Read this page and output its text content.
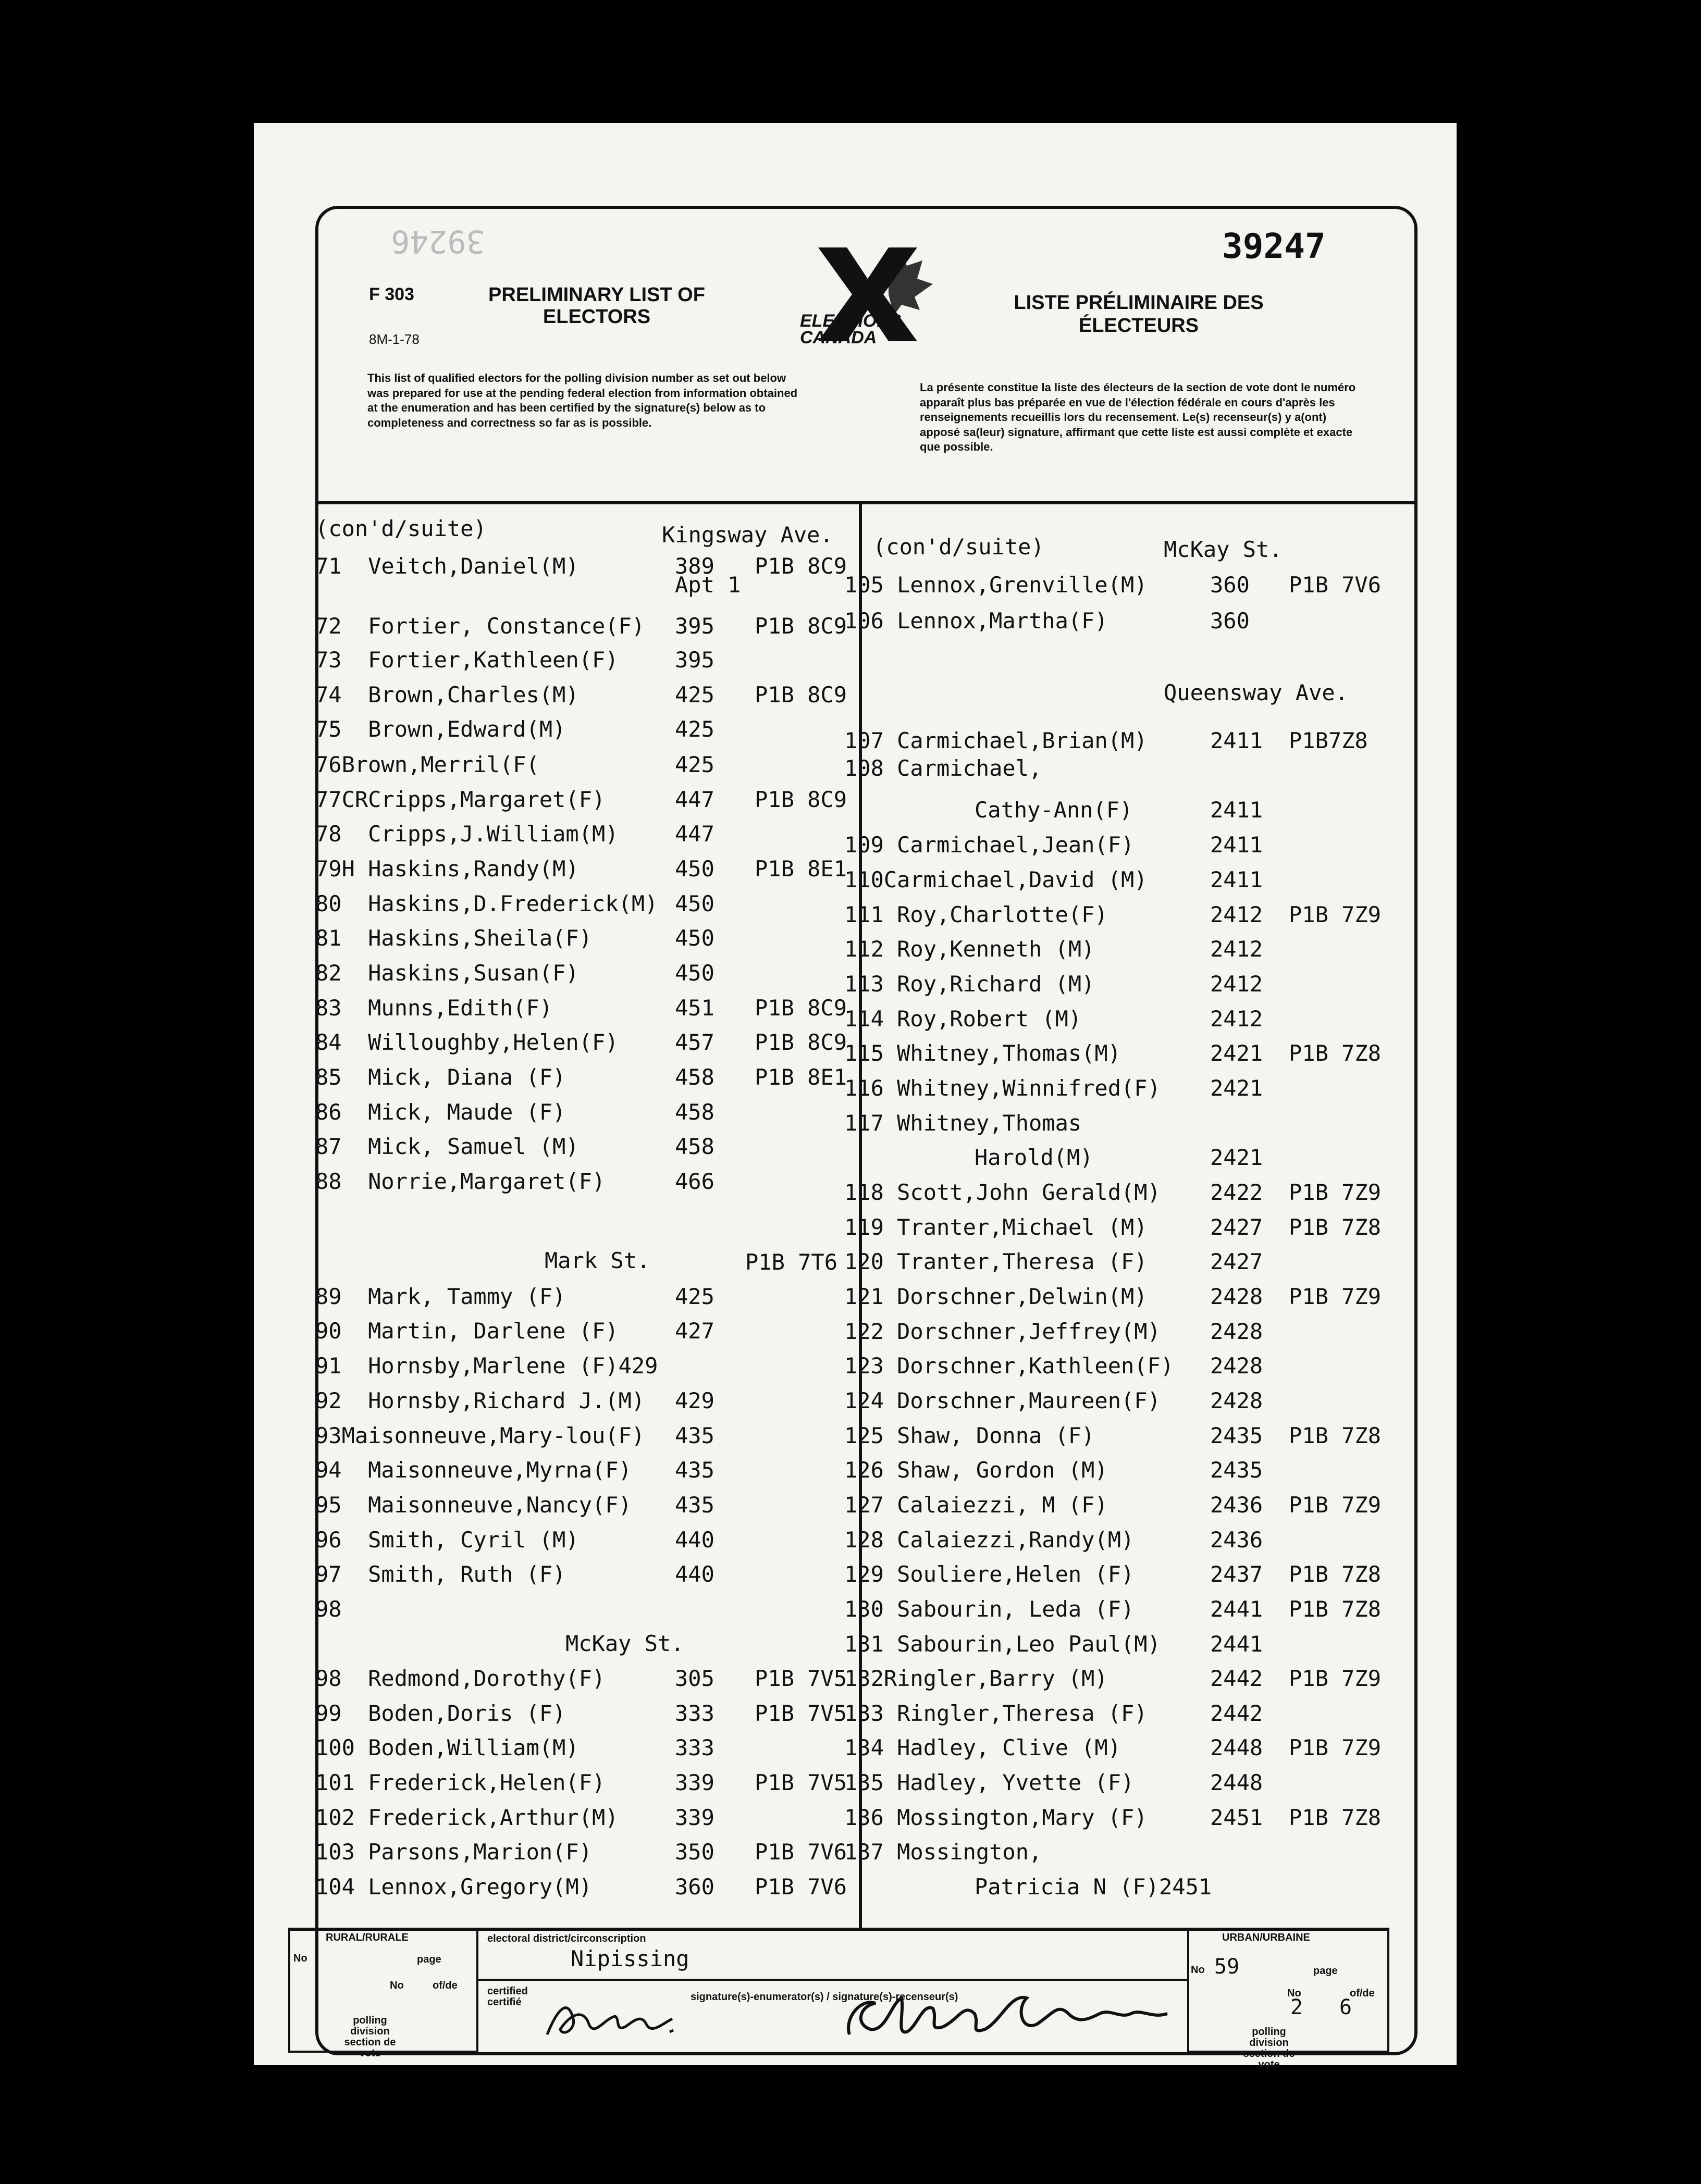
F 303
8M-1-78
PRELIMINARY LIST OF ELECTORS
LISTE PRÉLIMINAIRE DES ÉLECTEURS
39247
39246
ELECTIONS CANADA
This list of qualified electors for the polling division number as set out below was prepared for use at the pending federal election from information obtained at the enumeration and has been certified by the signature(s) below as to completeness and correctness so far as is possible.
La présente constitue la liste des électeurs de la section de vote dont le numéro apparaît plus bas préparée en vue de l'élection fédérale en cours d'après les renseignements recueillis lors du recensement. Le(s) recenseur(s) y a(ont) apposé sa(leur) signature, affirmant que cette liste est aussi complète et exacte que possible.
(con'd/suite)	Kingsway Ave.
Mark St.	P1B 7T6
McKay St.
71  Veitch,Daniel(M)	389 P1B 8C9
Apt 1
72  Fortier, Constance(F) 395 P1B 8C9
73  Fortier,Kathleen(F)	395
74  Brown,Charles(M)	425 P1B 8C9
75  Brown,Edward(M)	425
76Brown,Merril(F(	425
77CRCripps,Margaret(F)	447 P1B 8C9
78  Cripps,J.William(M)	447
79H Haskins,Randy(M)	450 P1B 8E1
80  Haskins,D.Frederick(M) 450
81  Haskins,Sheila(F)	450
82  Haskins,Susan(F)	450
83  Munns,Edith(F)	451 P1B 8C9
84  Willoughby,Helen(F)	457 P1B 8C9
85  Mick, Diana (F)	458 P1B 8E1
86  Mick, Maude (F)	458
87  Mick, Samuel (M)	458
88  Norrie,Margaret(F)	466
89  Mark, Tammy (F)	425
90  Martin, Darlene (F)	427
91  Hornsby,Marlene (F)429
92  Hornsby,Richard J.(M) 429
93Maisonneuve,Mary-lou(F) 435
94  Maisonneuve,Myrna(F) 435
95  Maisonneuve,Nancy(F) 435
96  Smith, Cyril (M)	440
97  Smith, Ruth (F)	440
98
98  Redmond,Dorothy(F)	305 P1B 7V5
99  Boden,Doris (F)	333 P1B 7V5
100 Boden,William(M)	333
101 Frederick,Helen(F)	339 P1B 7V5
102 Frederick,Arthur(M)	339
103 Parsons,Marion(F)	350 P1B 7V6
104 Lennox,Gregory(M)	360 P1B 7V6
(con'd/suite)	McKay St.
Queensway Ave.
105 Lennox,Grenville(M)	360 P1B 7V6
106 Lennox,Martha(F)	360
107 Carmichael,Brian(M)	2411 P1B7Z8
108 Carmichael,
Cathy-Ann(F)	2411
109 Carmichael,Jean(F)	2411
110Carmichael,David (M)	2411
111 Roy,Charlotte(F)	2412 P1B 7Z9
112 Roy,Kenneth (M)	2412
113 Roy,Richard (M)	2412
114 Roy,Robert (M)	2412
115 Whitney,Thomas(M)	2421 P1B 7Z8
116 Whitney,Winnifred(F) 2421
117 Whitney,Thomas
Harold(M)	2421
118 Scott,John Gerald(M) 2422 P1B 7Z9
119 Tranter,Michael (M)	2427 P1B 7Z8
120 Tranter,Theresa (F)	2427
121 Dorschner,Delwin(M)	2428 P1B 7Z9
122 Dorschner,Jeffrey(M) 2428
123 Dorschner,Kathleen(F) 2428
124 Dorschner,Maureen(F) 2428
125 Shaw, Donna (F)	2435 P1B 7Z8
126 Shaw, Gordon (M)	2435
127 Calaiezzi, M (F)	2436 P1B 7Z9
128 Calaiezzi,Randy(M)	2436
129 Souliere,Helen (F)	2437 P1B 7Z8
130 Sabourin, Leda (F)	2441 P1B 7Z8
131 Sabourin,Leo Paul(M) 2441
132Ringler,Barry (M)	2442 P1B 7Z9
133 Ringler,Theresa (F)	2442
134 Hadley, Clive (M)	2448 P1B 7Z9
135 Hadley, Yvette (F)	2448
136 Mossington,Mary (F)	2451 P1B 7Z8
137 Mossington,
Patricia N (F)2451
RURAL/RURALE
No	page
No	of/de
polling division section de vote
electoral district/circonscription
Nipissing
certified certifié	signature(s)-enumerator(s) / signature(s)-recenseur(s)
URBAN/URBAINE
No 59	page
No	of/de
2 6
polling division section de vote
